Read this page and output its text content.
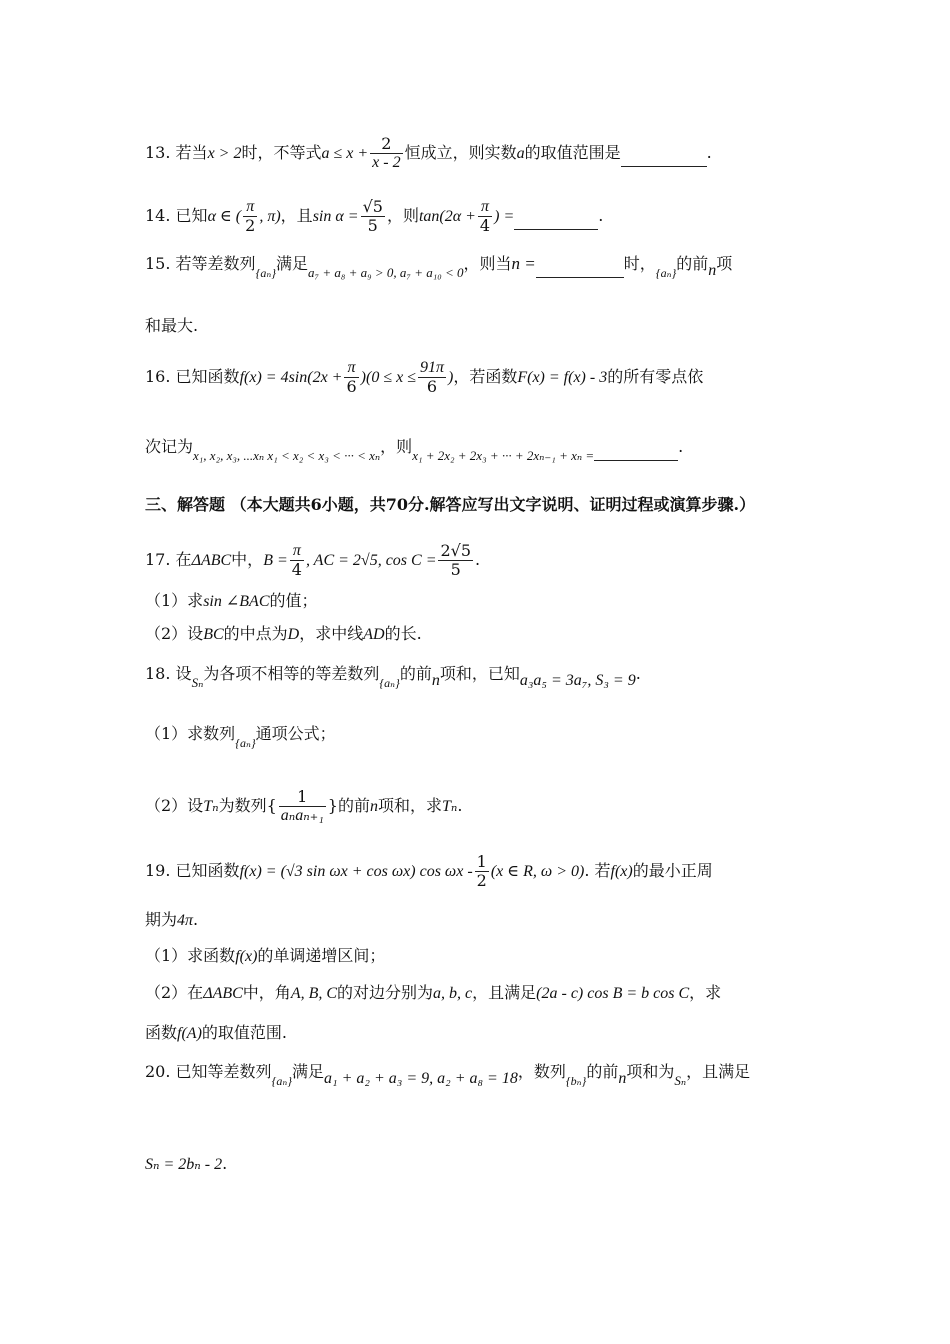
13. 若当x > 2时，不等式$a \le x + \frac{2}{x - 2}$ 恒成立，则实数a的取值范围是	.
14. 已知α ∈ ( $\frac{\pi}{2}$ , π)，且$\sin \alpha = \frac{√5}{5}$ ，则$\tan(2\alpha + \frac{\pi}{4}$ ) =	.
15. 若等差数列$_{\{a_n\}}$满足$_{a_7 + a_8 + a_9 > 0, a_7 + a_{10} < 0}$，则当n =	时，$_{\{a_n\}}$的前n项
和最大.
16. 已知函数$f(x) = 4\sin(2x + \frac{\pi}{6} )(0 \le x \le \frac{91\pi}{6}$ )，若函数F(x) = f(x) - 3的所有零点依
次记为$_{x_1, x_2, x_3, ...x_n x_1 < x_2 < x_3 < \cdot\cdot\cdot < x_n}$，则$_{x_1 + 2x_2 + 2x_3 + \cdot\cdot\cdot + 2x_{n-1} + x_n =}$	.
三、解答题 （本大题共6小题，共70分.解答应写出文字说明、证明过程或演算步骤.）
17. 在ΔABC中，$B = \frac{\pi}{4}$ , AC = 2√5, $\cos C = \frac{2√5}{5}$ .
（1）求sin ∠BAC的值；
（2）设BC的中点为D，求中线AD的长.
18. 设$_{S_n}$为各项不相等的等差数列$_{\{a_n\}}$的前n项和，已知a₃a₅ = 3a₇, S₃ = 9.
（1）求数列$_{\{a_n\}}$通项公式；
（2）设Tₙ为数列{ $\frac{1}{\text{aₙaₙ₊₁}}$ }的前n项和，求Tₙ.
19. 已知函数f(x) = (√3 sin ωx + cos ωx) cos ωx - $\frac{1}{2} (x$ ∈ R, ω > 0). 若f(x)的最小正周
期为4π.
（1）求函数f(x)的单调递增区间；
（2）在ΔABC中，角A, B, C的对边分别为a, b, c，且满足(2a - c) cos B = b cos C，求
函数f(A)的取值范围.
20. 已知等差数列$_{\{a_n\}}$满足a₁ + a₂ + a₃ = 9, a₂ + a₈ = 18，数列$_{\{b_n\}}$的前n项和为$_{S_n}$，且满足
Sₙ = 2bₙ - 2.
